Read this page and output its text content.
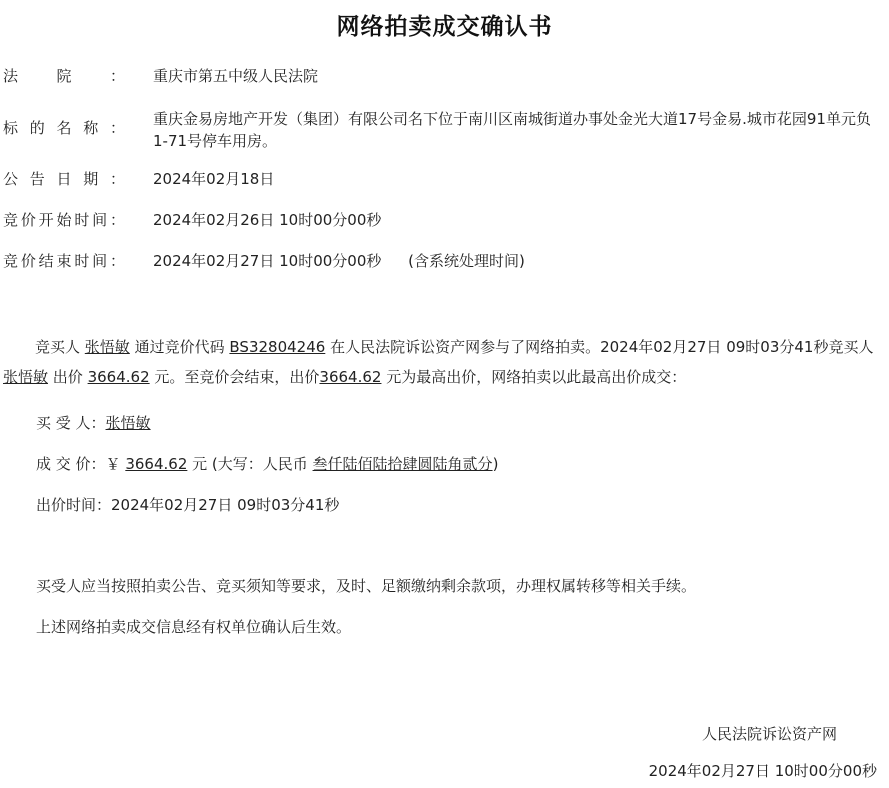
网络拍卖成交确认书
法	院	： 重庆市第五中级人民法院
标 的 名 称 ： 重庆金易房地产开发（集团）有限公司名下位于南川区南城街道办事处金光大道17号金易.城市花园91单元负1-71号停车用房。
公 告 日 期 ： 2024年02月18日
竞 价 开 始 时 间 ： 2024年02月26日 10时00分00秒
竞 价 结 束 时 间 ： 2024年02月27日 10时00分00秒 (含系统处理时间)
竞买人 张悟敏 通过竞价代码 BS32804246 在人民法院诉讼资产网参与了网络拍卖。2024年02月27日 09时03分41秒竞买人 张悟敏 出价 3664.62 元。至竞价会结束，出价3664.62 元为最高出价，网络拍卖以此最高出价成交：
买 受 人：张悟敏
成 交 价：￥ 3664.62 元 (大写：人民币 叁仟陆佰陆拾肆圆陆角贰分)
出价时间：2024年02月27日 09时03分41秒
买受人应当按照拍卖公告、竞买须知等要求，及时、足额缴纳剩余款项，办理权属转移等相关手续。
上述网络拍卖成交信息经有权单位确认后生效。
人民法院诉讼资产网
2024年02月27日 10时00分00秒
